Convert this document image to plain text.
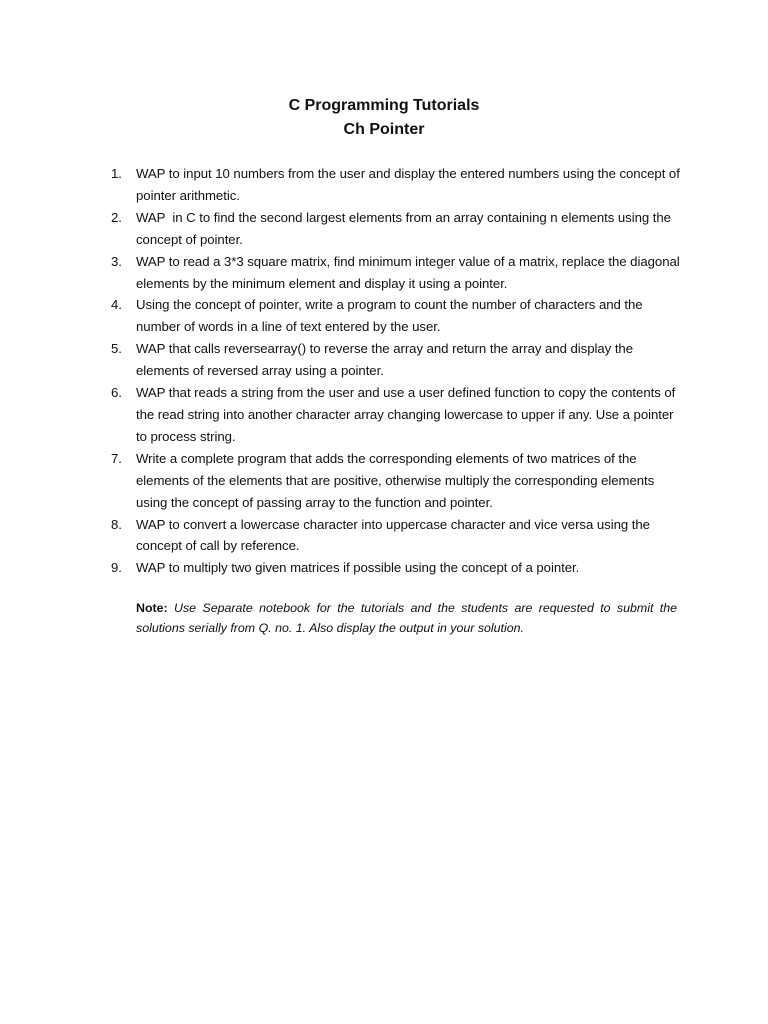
C Programming Tutorials
Ch Pointer
1.	WAP to input 10 numbers from the user and display the entered numbers using the concept of pointer arithmetic.
2.	WAP  in C to find the second largest elements from an array containing n elements using the concept of pointer.
3.	WAP to read a 3*3 square matrix, find minimum integer value of a matrix, replace the diagonal elements by the minimum element and display it using a pointer.
4.	Using the concept of pointer, write a program to count the number of characters and the number of words in a line of text entered by the user.
5.	WAP that calls reversearray() to reverse the array and return the array and display the elements of reversed array using a pointer.
6.	WAP that reads a string from the user and use a user defined function to copy the contents of the read string into another character array changing lowercase to upper if any. Use a pointer to process string.
7.	Write a complete program that adds the corresponding elements of two matrices of the elements of the elements that are positive, otherwise multiply the corresponding elements using the concept of passing array to the function and pointer.
8.	WAP to convert a lowercase character into uppercase character and vice versa using the concept of call by reference.
9.	WAP to multiply two given matrices if possible using the concept of a pointer.
Note: Use Separate notebook for the tutorials and the students are requested to submit the solutions serially from Q. no. 1. Also display the output in your solution.
